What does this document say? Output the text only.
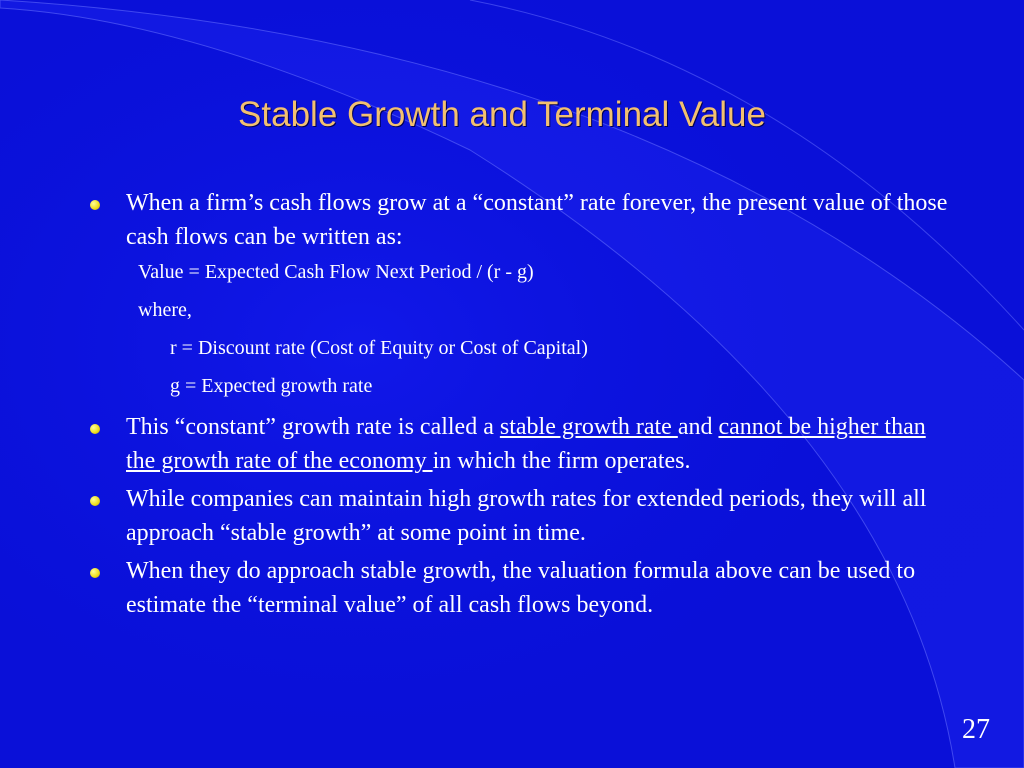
Stable Growth and Terminal Value
When a firm’s cash flows grow at a “constant” rate forever, the present value of those cash flows can be written as:
Value = Expected Cash Flow Next Period / (r - g)
where,
r = Discount rate (Cost of Equity or Cost of Capital)
g = Expected growth rate
This “constant” growth rate is called a stable growth rate and cannot be higher than the growth rate of the economy in which the firm operates.
While companies can maintain high growth rates for extended periods, they will all approach “stable growth” at some point in time.
When they do approach stable growth, the valuation formula above can be used to estimate the “terminal value” of all cash flows beyond.
27
